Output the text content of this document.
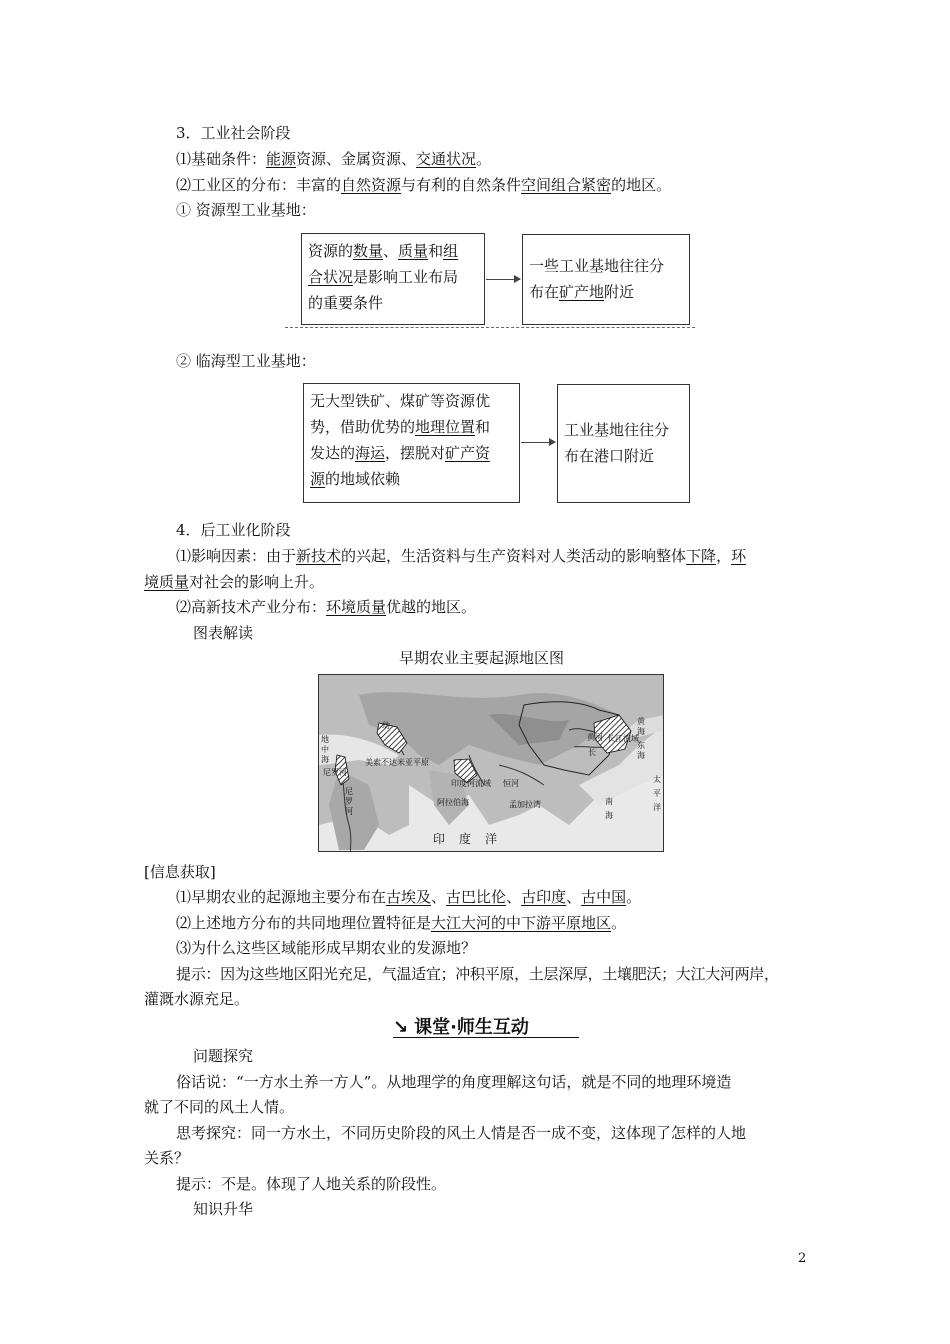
3．工业社会阶段
⑴基础条件：能源资源、金属资源、交通状况。
⑵工业区的分布：丰富的自然资源与有利的自然条件空间组合紧密的地区。
① 资源型工业基地：
资源的数量、质量和组
合状况是影响工业布局
的重要条件
一些工业基地往往分
布在矿产地附近
② 临海型工业基地：
无大型铁矿、煤矿等资源优
势，借助优势的地理位置和
发达的海运，摆脱对矿产资
源的地域依赖
工业基地往往分
布在港口附近
4．后工业化阶段
⑴影响因素：由于新技术的兴起，生活资料与生产资料对人类活动的影响整体下降，环
境质量对社会的影响上升。
⑵高新技术产业分布：环境质量优越的地区。
图表解读
早期农业主要起源地区图
地中海
尼罗河
尼罗河
幼
美索不达米亚平原
印度河流域 恒河
阿拉伯海	孟加拉湾
黄河 长江流域
长
黄海
东海
南海
太平洋
印度洋
[信息获取]
⑴早期农业的起源地主要分布在古埃及、古巴比伦、古印度、古中国。
⑵上述地方分布的共同地理位置特征是大江大河的中下游平原地区。
⑶为什么这些区域能形成早期农业的发源地？
提示：因为这些地区阳光充足，气温适宜；冲积平原，土层深厚，土壤肥沃；大江大河两岸，
灌溉水源充足。
↘ 课堂·师生互动
问题探究
俗话说：“一方水土养一方人”。从地理学的角度理解这句话，就是不同的地理环境造
就了不同的风土人情。
思考探究：同一方水土，不同历史阶段的风土人情是否一成不变，这体现了怎样的人地
关系？
提示：不是。体现了人地关系的阶段性。
知识升华
2
